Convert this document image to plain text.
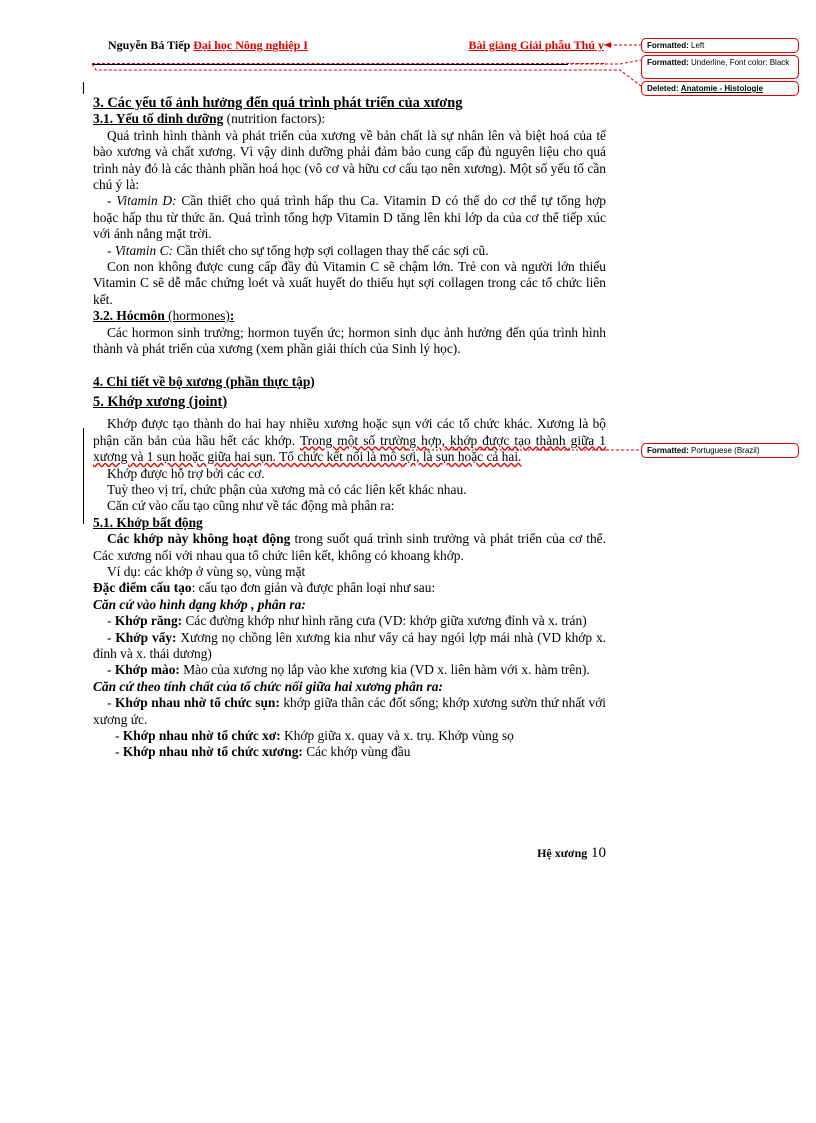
Nguyễn Bá Tiếp Đại học Nông nghiệp I	Bài giảng Giải phẫu Thú y	Formatted: Left
Formatted: Underline, Font color: Black
Deleted: Anatomie - Histologie
Formatted: Portuguese (Brazil)

3. Các yếu tố ảnh hưởng đến quá trình phát triển của xương

3.1. Yếu tố dinh dưỡng (nutrition factors):

Quá trình hình thành và phát triển của xương về bản chất là sự nhân lên và biệt hoá của tế bào xương và chất xương. Vì vậy dinh dưỡng phải đảm bảo cung cấp đủ nguyên liệu cho quá trình này đó là các thành phần hoá học (vô cơ và hữu cơ cấu tạo nên xương). Một số yếu tố cần chú ý là:

- Vitamin D: Cần thiết cho quá trình hấp thu Ca. Vitamin D có thể do cơ thể tự tổng hợp hoặc hấp thu từ thức ăn. Quá trình tổng hợp Vitamin D tăng lên khi lớp da của cơ thể tiếp xúc với ánh nắng mặt trời.

- Vitamin C: Cần thiết cho sự tổng hợp sợi collagen thay thế các sợi cũ.

Con non không được cung cấp đầy đủ Vitamin C sẽ chậm lớn. Trẻ con và người lớn thiếu Vitamin C sẽ dễ mắc chứng loét và xuất huyết do thiếu hụt sợi collagen trong các tổ chức liên kết.

3.2. Hócmôn (hormones):

Các hormon sinh trưởng; hormon tuyến ức; hormon sinh dục ảnh hưởng đến qúa trình hình thành và phát triển của xương (xem phần giải thích của Sinh lý học).

4. Chi tiết về bộ xương (phần thực tập)

5. Khớp xương (joint)

Khớp được tạo thành do hai hay nhiều xương hoặc sụn với các tổ chức khác. Xương là bộ phận căn bản của hầu hết các khớp. Trong một số trường hợp, khớp được tạo thành giữa 1 xương và 1 sụn hoặc giữa hai sụn. Tổ chức kết nối là mô sợi, là sụn hoặc cả hai.

Khớp được hỗ trợ bởi các cơ.

Tuỳ theo vị trí, chức phận của xương mà có các liên kết khác nhau.

Căn cứ vào cấu tạo cũng như về tác động mà phân ra:

5.1. Khớp bất động

Các khớp này không hoạt động trong suốt quá trình sinh trưởng và phát triển của cơ thể. Các xương nối với nhau qua tổ chức liên kết, không có khoang khớp.

Ví dụ: các khớp ở vùng sọ, vùng mặt

Đặc điểm cấu tạo: cấu tạo đơn giản và được phân loại như sau:

Căn cứ vào hình dạng khớp , phân ra:

- Khớp răng: Các đường khớp như hình răng cưa (VD: khớp giữa xương đỉnh và x. trán)

- Khớp vẩy: Xương nọ chồng lên xương kia như vẩy cá hay ngói lợp mái nhà (VD khớp x. đỉnh và x. thái dương)

- Khớp mào: Mào của xương nọ lắp vào khe xương kia (VD x. liên hàm với x. hàm trên).

Căn cứ theo tính chất của tổ chức nối giữa hai xương phân ra:

- Khớp nhau nhờ tổ chức sụn: khớp giữa thân các đốt sống; khớp xương sườn thứ nhất với xương ức.

- Khớp nhau nhờ tổ chức xơ: Khớp giữa x. quay và x. trụ. Khớp vùng sọ

- Khớp nhau nhờ tổ chức xương: Các khớp vùng đầu

Hệ xương 10
